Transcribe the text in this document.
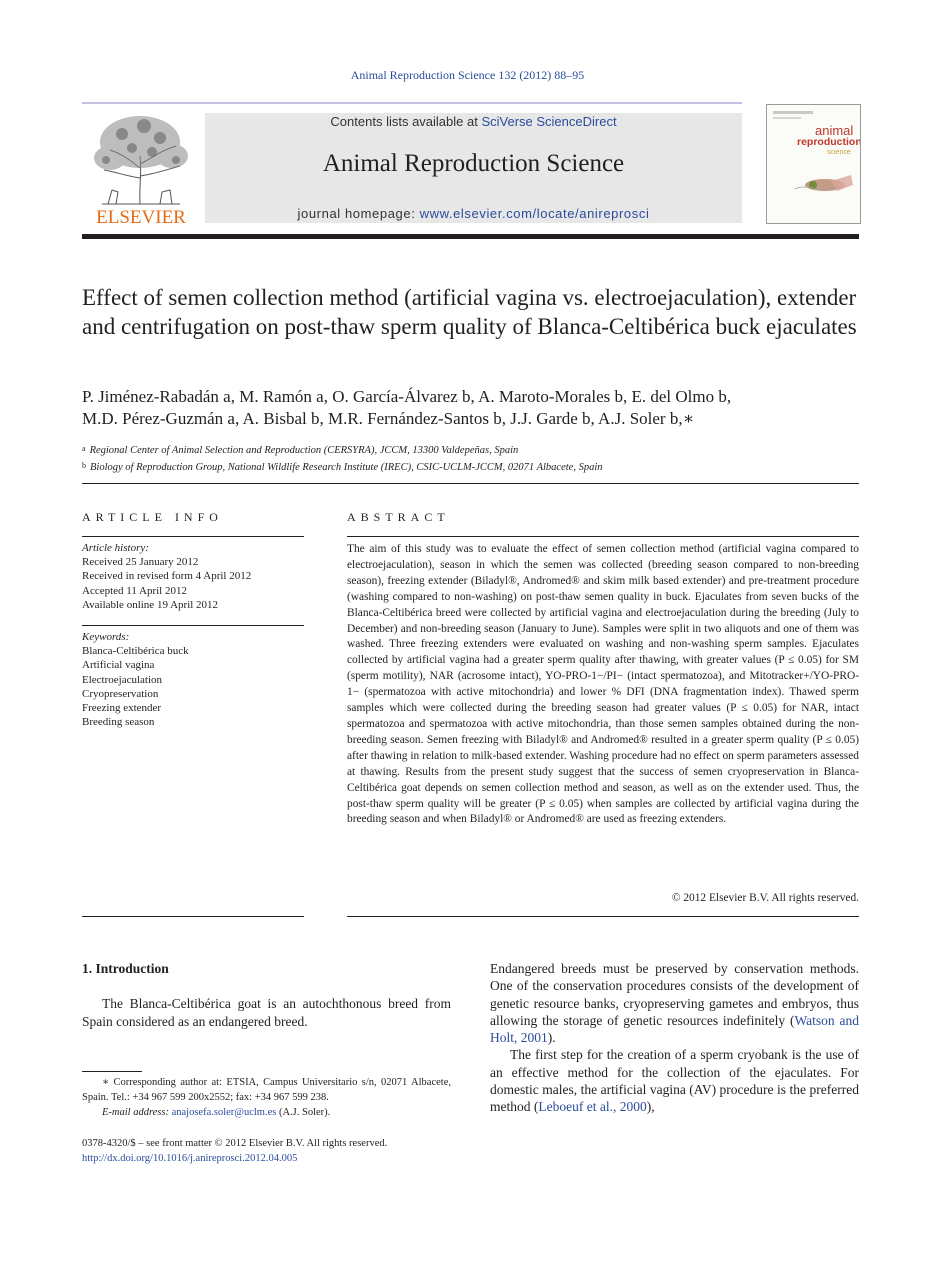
Animal Reproduction Science 132 (2012) 88–95
ELSEVIER
Contents lists available at SciVerse ScienceDirect
Animal Reproduction Science
journal homepage: www.elsevier.com/locate/anireprosci
animal
reproduction
science
Effect of semen collection method (artificial vagina vs. electroejaculation), extender and centrifugation on post-thaw sperm quality of Blanca-Celtibérica buck ejaculates
P. Jiménez-Rabadán a, M. Ramón a, O. García-Álvarez b, A. Maroto-Morales b, E. del Olmo b,
M.D. Pérez-Guzmán a, A. Bisbal b, M.R. Fernández-Santos b, J.J. Garde b, A.J. Soler b,∗
a Regional Center of Animal Selection and Reproduction (CERSYRA), JCCM, 13300 Valdepeñas, Spain
b Biology of Reproduction Group, National Wildlife Research Institute (IREC), CSIC-UCLM-JCCM, 02071 Albacete, Spain
ARTICLE INFO	ABSTRACT
Article history:
Received 25 January 2012
Received in revised form 4 April 2012
Accepted 11 April 2012
Available online 19 April 2012
Keywords:
Blanca-Celtibérica buck
Artificial vagina
Electroejaculation
Cryopreservation
Freezing extender
Breeding season
The aim of this study was to evaluate the effect of semen collection method (artificial vagina compared to electroejaculation), season in which the semen was collected (breeding season compared to non-breeding season), freezing extender (Biladyl®, Andromed® and skim milk based extender) and pre-treatment procedure (washing compared to non-washing) on post-thaw semen quality in buck. Ejaculates from seven bucks of the Blanca-Celtibérica breed were collected by artificial vagina and electroejaculation during the breeding (July to December) and non-breeding season (January to June). Samples were split in two aliquots and one of them was washed. Three freezing extenders were evaluated on washing and non-washing sperm samples. Ejaculates collected by artificial vagina had a greater sperm quality after thawing, with greater values (P ≤ 0.05) for SM (sperm motility), NAR (acrosome intact), YO-PRO-1−/PI− (intact spermatozoa), and Mitotracker+/YO-PRO-1− (spermatozoa with active mitochondria) and lower % DFI (DNA fragmentation index). Thawed sperm samples which were collected during the breeding season had greater values (P ≤ 0.05) for NAR, intact spermatozoa and spermatozoa with active mitochondria, than those semen samples obtained during the non-breeding season. Semen freezing with Biladyl® and Andromed® resulted in a greater sperm quality (P ≤ 0.05) after thawing in relation to milk-based extender. Washing procedure had no effect on sperm parameters assessed at thawing. Results from the present study suggest that the success of semen cryopreservation in Blanca-Celtibérica goat depends on semen collection method and season, as well as on the extender used. Thus, the post-thaw sperm quality will be greater (P ≤ 0.05) when samples are collected by artificial vagina during the breeding season and when Biladyl® or Andromed® are used as freezing extenders.
© 2012 Elsevier B.V. All rights reserved.
1. Introduction
The Blanca-Celtibérica goat is an autochthonous breed from Spain considered as an endangered breed.
∗ Corresponding author at: ETSIA, Campus Universitario s/n, 02071 Albacete, Spain. Tel.: +34 967 599 200x2552; fax: +34 967 599 238.
E-mail address: anajosefa.soler@uclm.es (A.J. Soler).
0378-4320/$ – see front matter © 2012 Elsevier B.V. All rights reserved.
http://dx.doi.org/10.1016/j.anireprosci.2012.04.005

Endangered breeds must be preserved by conservation methods. One of the conservation procedures consists of the development of genetic resource banks, cryopreserving gametes and embryos, thus allowing the storage of genetic resources indefinitely (Watson and Holt, 2001).

The first step for the creation of a sperm cryobank is the use of an effective method for the collection of the ejaculates. For domestic males, the artificial vagina (AV) procedure is the preferred method (Leboeuf et al., 2000),
